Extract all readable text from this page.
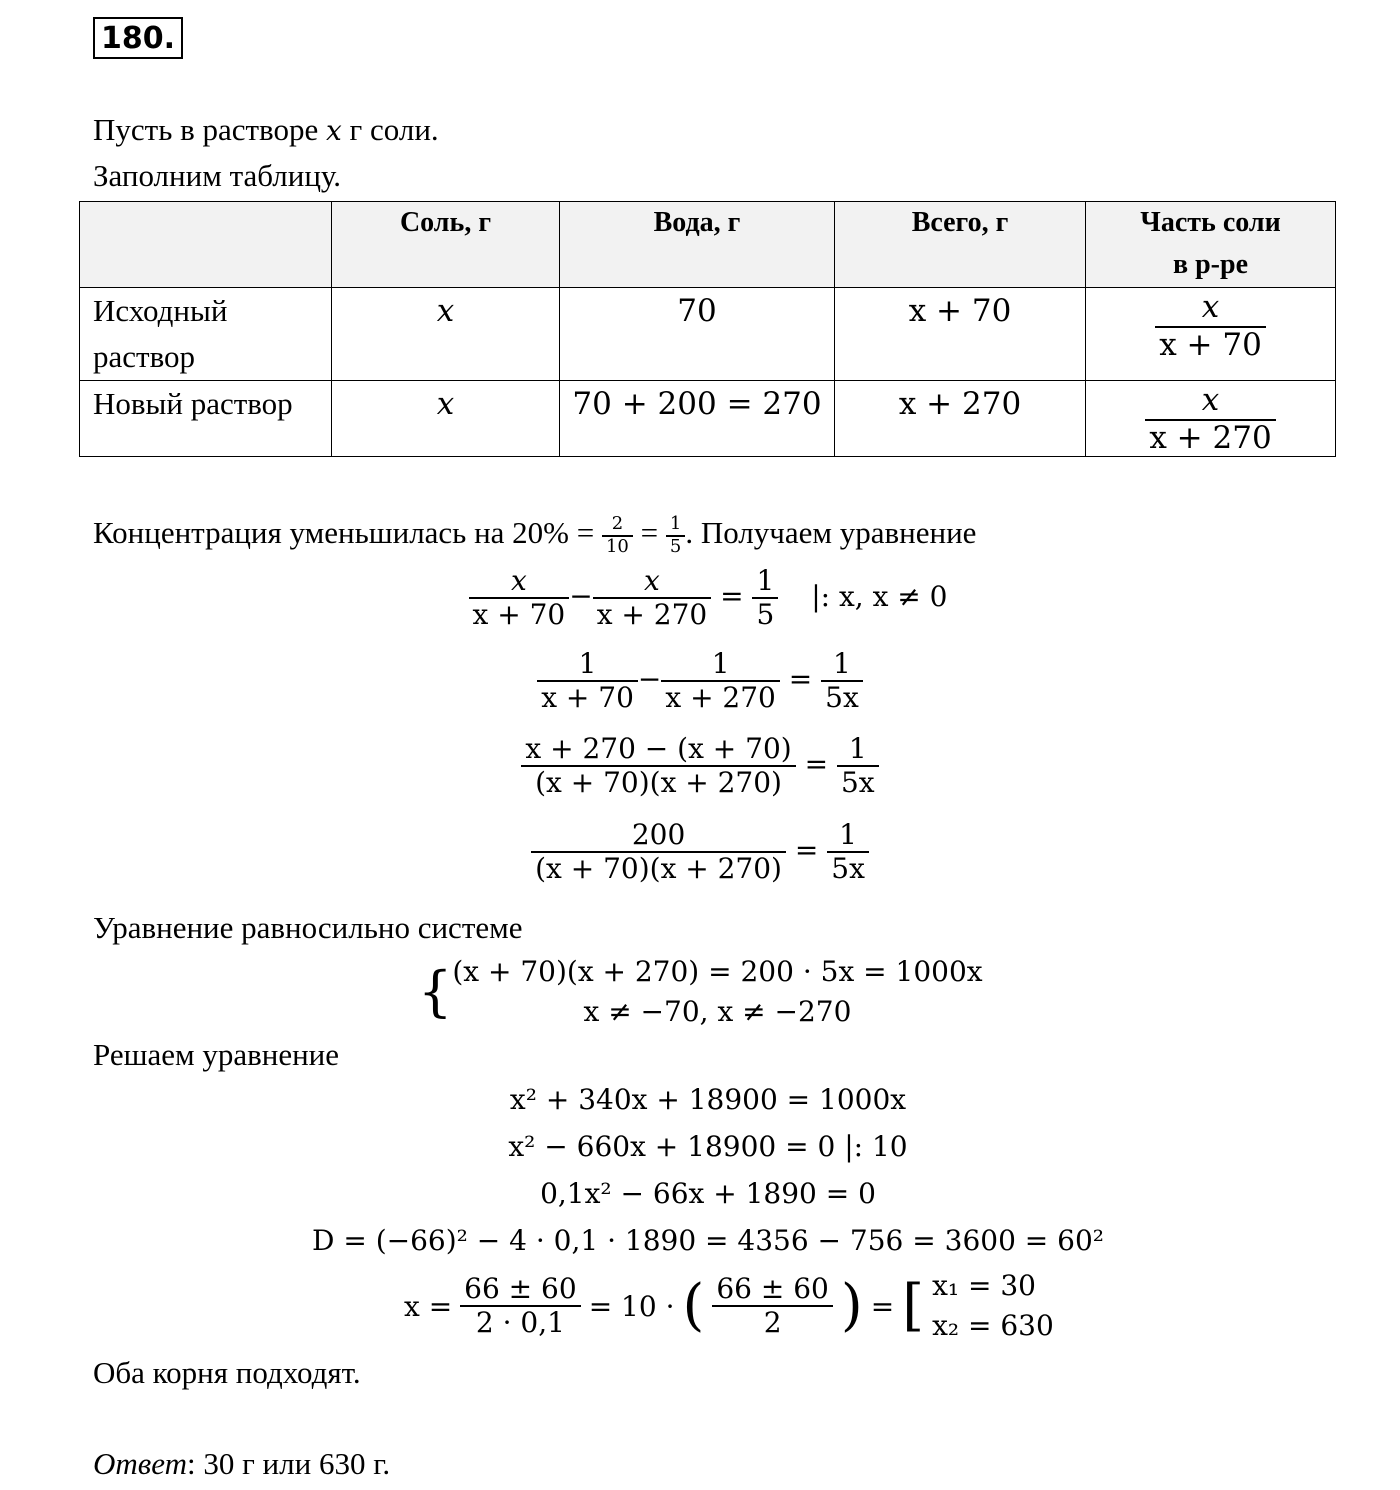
180.
Пусть в растворе x г соли.
Заполним таблицу.
	Соль, г	Вода, г	Всего, г	Часть соли
в р-ре
Исходный
раствор	x	70	x + 70	$\frac{x}{x + 70}$

Новый раствор	x	70 + 200 = 270	x + 270	$\frac{x}{x + 270}$
Концентрация уменьшилась на $20\% = \frac{2}{10} = \frac{1}{5}$ . Получаем уравнение
$\frac{x}{x + 70} - \frac{x}{x + 270} = \frac{1}{5}$ |: x, x ≠ 0
$\frac{1}{x + 70} - \frac{1}{x + 270} = \frac{1}{5x}$
$\frac{x + 270 - (x + 70)}{(x + 70)(x + 270)} = \frac{1}{5x}$
$\frac{200}{(x + 70)(x + 270)} = \frac{1}{5x}$
Уравнение равносильно системе
{ (x + 70)(x + 270) = 200 · 5x = 1000x
x ≠ −70, x ≠ −270
Решаем уравнение
x² + 340x + 18900 = 1000x
x² − 660x + 18900 = 0 |: 10
0,1x² − 66x + 1890 = 0
D = (−66)² − 4 · 0,1 · 1890 = 4356 − 756 = 3600 = 60²
$x = \frac{66 \pm 60}{2 \cdot 0,1} = 10$ · ( $\frac{66 \pm 60}{2}$ ) = [ x₁ = 30
x₂ = 630
Оба корня подходят.
Ответ: 30 г или 630 г.
